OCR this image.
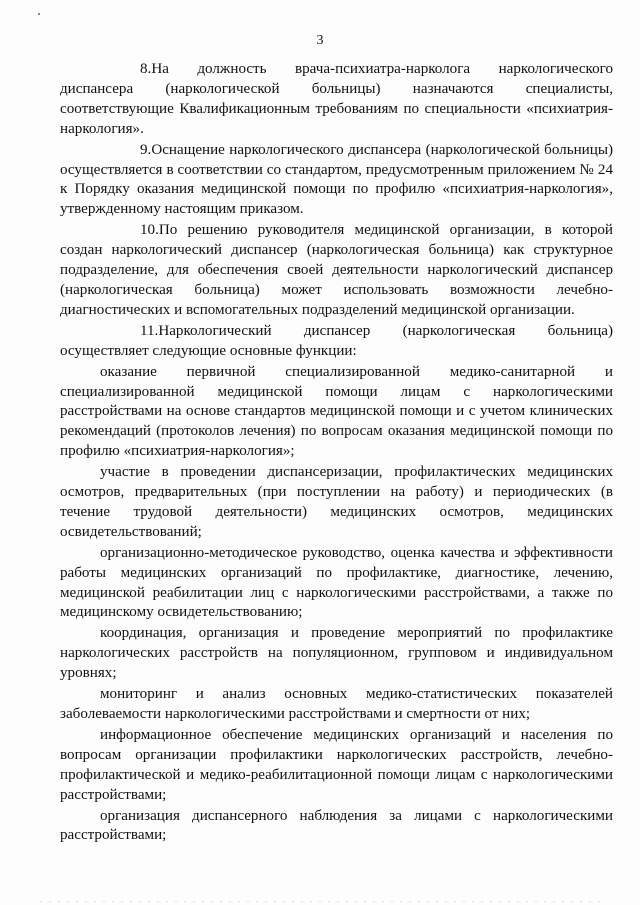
3

8.На должность врача-психиатра-нарколога наркологического диспансера (наркологической больницы) назначаются специалисты, соответствующие Квалификационным требованиям по специальности «психиатрия-наркология».

9.Оснащение наркологического диспансера (наркологической больницы) осуществляется в соответствии со стандартом, предусмотренным приложением № 24 к Порядку оказания медицинской помощи по профилю «психиатрия-наркология», утвержденному настоящим приказом.

10.По решению руководителя медицинской организации, в которой создан наркологический диспансер (наркологическая больница) как структурное подразделение, для обеспечения своей деятельности наркологический диспансер (наркологическая больница) может использовать возможности лечебно-диагностических и вспомогательных подразделений медицинской организации.

11.Наркологический диспансер (наркологическая больница) осуществляет следующие основные функции:

оказание первичной специализированной медико-санитарной и специализированной медицинской помощи лицам с наркологическими расстройствами на основе стандартов медицинской помощи и с учетом клинических рекомендаций (протоколов лечения) по вопросам оказания медицинской помощи по профилю «психиатрия-наркология»;

участие в проведении диспансеризации, профилактических медицинских осмотров, предварительных (при поступлении на работу) и периодических (в течение трудовой деятельности) медицинских осмотров, медицинских освидетельствований;

организационно-методическое руководство, оценка качества и эффективности работы медицинских организаций по профилактике, диагностике, лечению, медицинской реабилитации лиц с наркологическими расстройствами, а также по медицинскому освидетельствованию;

координация, организация и проведение мероприятий по профилактике наркологических расстройств на популяционном, групповом и индивидуальном уровнях;

мониторинг и анализ основных медико-статистических показателей заболеваемости наркологическими расстройствами и смертности от них;

информационное обеспечение медицинских организаций и населения по вопросам организации профилактики наркологических расстройств, лечебно-профилактической и медико-реабилитационной помощи лицам с наркологическими расстройствами;

организация диспансерного наблюдения за лицами с наркологическими расстройствами;
